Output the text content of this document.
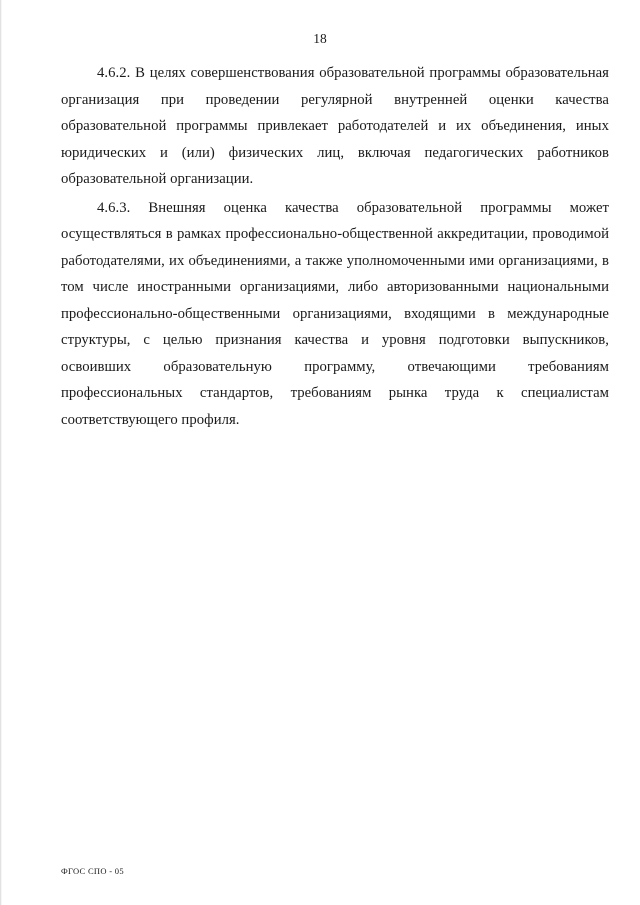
18

4.6.2. В целях совершенствования образовательной программы образовательная организация при проведении регулярной внутренней оценки качества образовательной программы привлекает работодателей и их объединения, иных юридических и (или) физических лиц, включая педагогических работников образовательной организации.

4.6.3. Внешняя оценка качества образовательной программы может осуществляться в рамках профессионально-общественной аккредитации, проводимой работодателями, их объединениями, а также уполномоченными ими организациями, в том числе иностранными организациями, либо авторизованными национальными профессионально-общественными организациями, входящими в международные структуры, с целью признания качества и уровня подготовки выпускников, освоивших образовательную программу, отвечающими требованиям профессиональных стандартов, требованиям рынка труда к специалистам соответствующего профиля.

ФГОС СПО - 05
